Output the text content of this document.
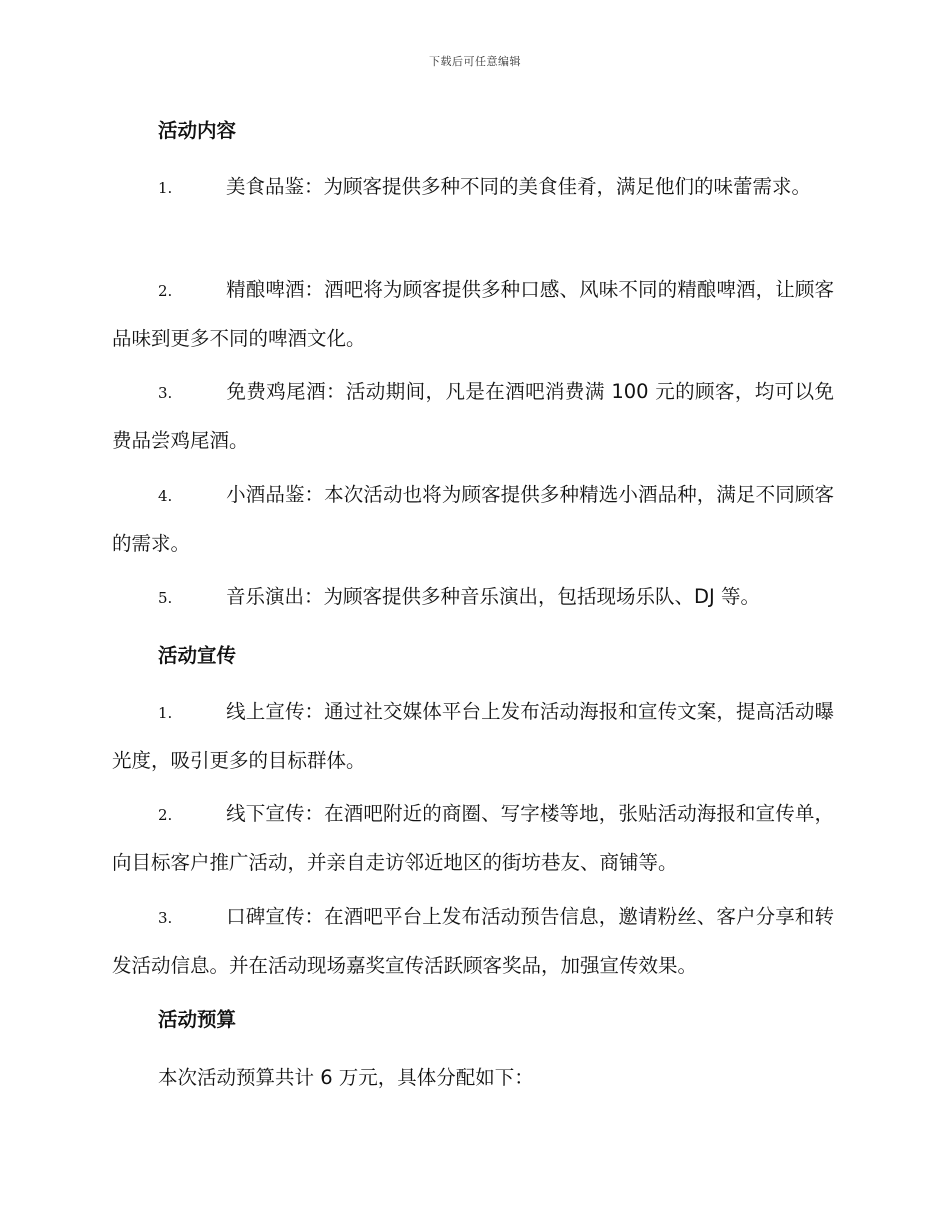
下载后可任意编辑
活动内容
1.	美食品鉴：为顾客提供多种不同的美食佳肴，满足他们的味蕾需求。
2.	精酿啤酒：酒吧将为顾客提供多种口感、风味不同的精酿啤酒，让顾客品味到更多不同的啤酒文化。
3.	免费鸡尾酒：活动期间，凡是在酒吧消费满 100 元的顾客，均可以免费品尝鸡尾酒。
4.	小酒品鉴：本次活动也将为顾客提供多种精选小酒品种，满足不同顾客的需求。
5.	音乐演出：为顾客提供多种音乐演出，包括现场乐队、DJ 等。
活动宣传
1.	线上宣传：通过社交媒体平台上发布活动海报和宣传文案，提高活动曝光度，吸引更多的目标群体。
2.	线下宣传：在酒吧附近的商圈、写字楼等地，张贴活动海报和宣传单，向目标客户推广活动，并亲自走访邻近地区的街坊巷友、商铺等。
3.	口碑宣传：在酒吧平台上发布活动预告信息，邀请粉丝、客户分享和转发活动信息。并在活动现场嘉奖宣传活跃顾客奖品，加强宣传效果。
活动预算
本次活动预算共计 6 万元，具体分配如下：
